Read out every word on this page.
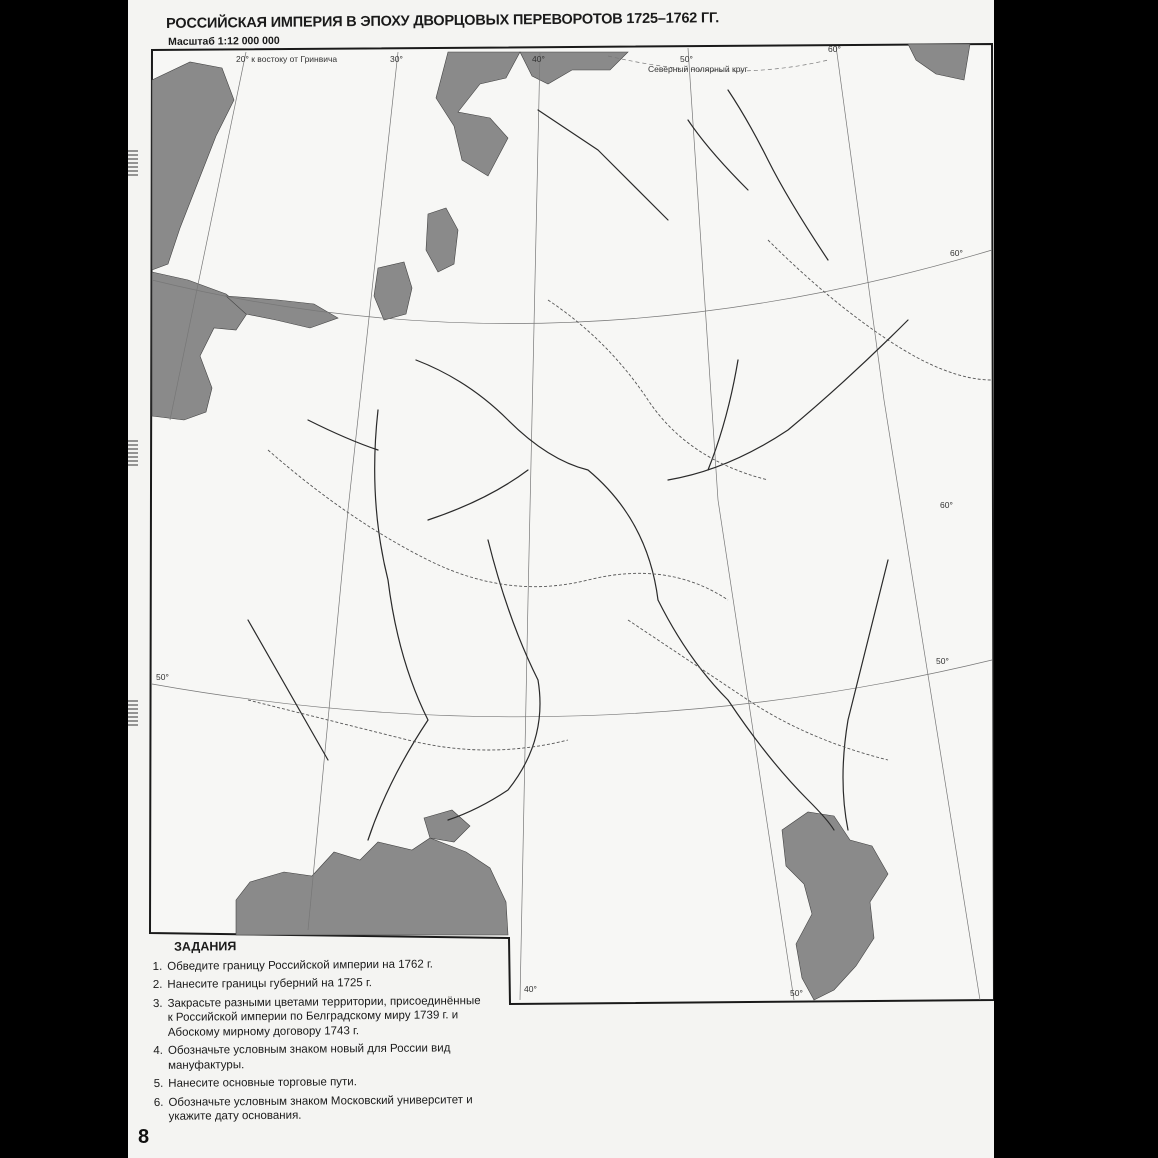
РОССИЙСКАЯ ИМПЕРИЯ В ЭПОХУ ДВОРЦОВЫХ ПЕРЕВОРОТОВ 1725–1762 ГГ.
Масштаб 1:12 000 000
20° к востоку от Гринвича
Северный полярный круг
30°	40°	50°
60°
60°
60°
50°
50°
40°	50°
ЗАДАНИЯ
1. Обведите границу Российской империи на 1762 г.
2. Нанесите границы губерний на 1725 г.
3. Закрасьте разными цветами территории, присоединённые к Российской империи по Белградскому миру 1739 г. и Абоскому мирному договору 1743 г.
4. Обозначьте условным знаком новый для России вид мануфактуры.
5. Нанесите основные торговые пути.
6. Обозначьте условным знаком Московский университет и укажите дату основания.
8
